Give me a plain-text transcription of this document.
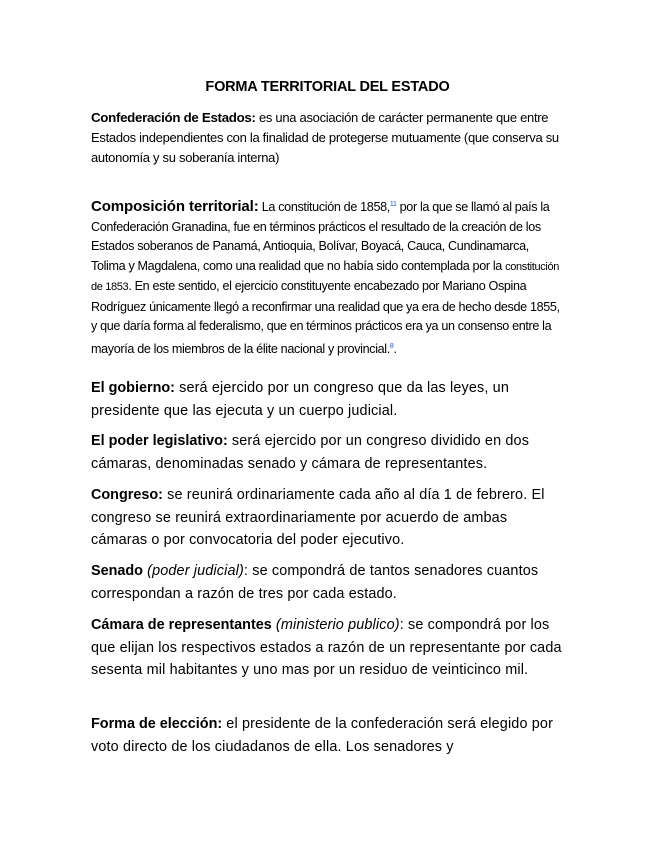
FORMA TERRITORIAL DEL ESTADO
Confederación de Estados: es una asociación de carácter permanente que entre Estados independientes con la finalidad de protegerse mutuamente (que conserva su autonomía y su soberanía interna)
Composición territorial: La constitución de 1858,11 por la que se llamó al país la Confederación Granadina, fue en términos prácticos el resultado de la creación de los Estados soberanos de Panamá, Antioquia, Bolívar, Boyacá, Cauca, Cundinamarca, Tolima y Magdalena, como una realidad que no había sido contemplada por la constitución de 1853. En este sentido, el ejercicio constituyente encabezado por Mariano Ospina Rodríguez únicamente llegó a reconfirmar una realidad que ya era de hecho desde 1855, y que daría forma al federalismo, que en términos prácticos era ya un consenso entre la mayoría de los miembros de la élite nacional y provincial.$^8$.
El gobierno: será ejercido por un congreso que da las leyes, un presidente que las ejecuta y un cuerpo judicial.
El poder legislativo: será ejercido por un congreso dividido en dos cámaras, denominadas senado y cámara de representantes.
Congreso: se reunirá ordinariamente cada año al día 1 de febrero. El congreso se reunirá extraordinariamente por acuerdo de ambas cámaras o por convocatoria del poder ejecutivo.
Senado (poder judicial): se compondrá de tantos senadores cuantos correspondan a razón de tres por cada estado.
Cámara de representantes (ministerio publico): se compondrá por los que elijan los respectivos estados a razón de un representante por cada sesenta mil habitantes y uno mas por un residuo de veinticinco mil.
Forma de elección: el presidente de la confederación será elegido por voto directo de los ciudadanos de ella. Los senadores y
